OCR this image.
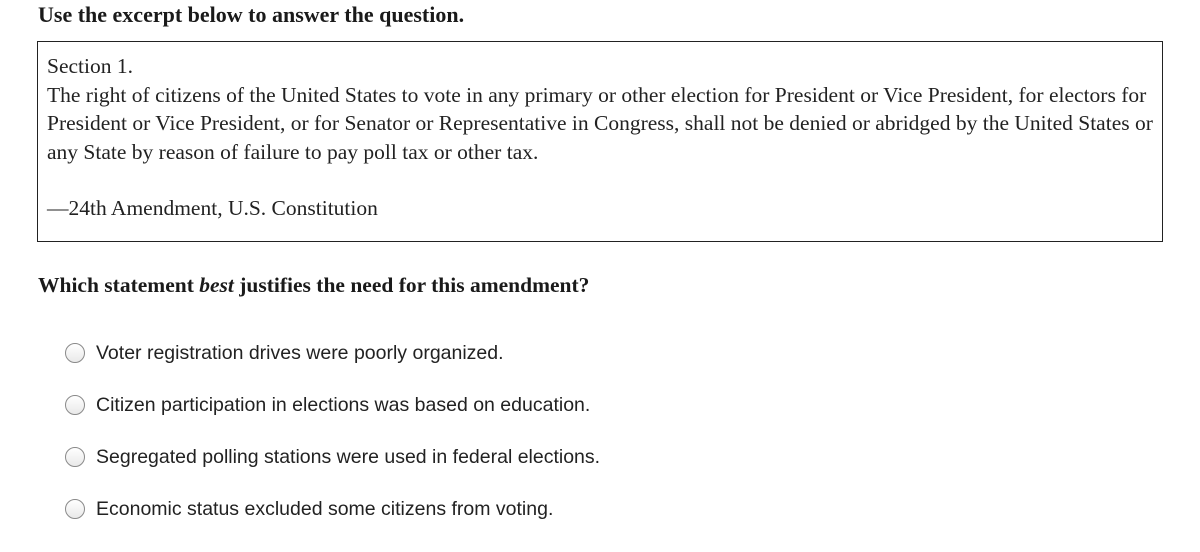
Use the excerpt below to answer the question.

Section 1.

The right of citizens of the United States to vote in any primary or other election for President or Vice President, for electors for President or Vice President, or for Senator or Representative in Congress, shall not be denied or abridged by the United States or any State by reason of failure to pay poll tax or other tax.

—24th Amendment, U.S. Constitution

Which statement best justifies the need for this amendment?
Voter registration drives were poorly organized.
Citizen participation in elections was based on education.
Segregated polling stations were used in federal elections.
Economic status excluded some citizens from voting.
